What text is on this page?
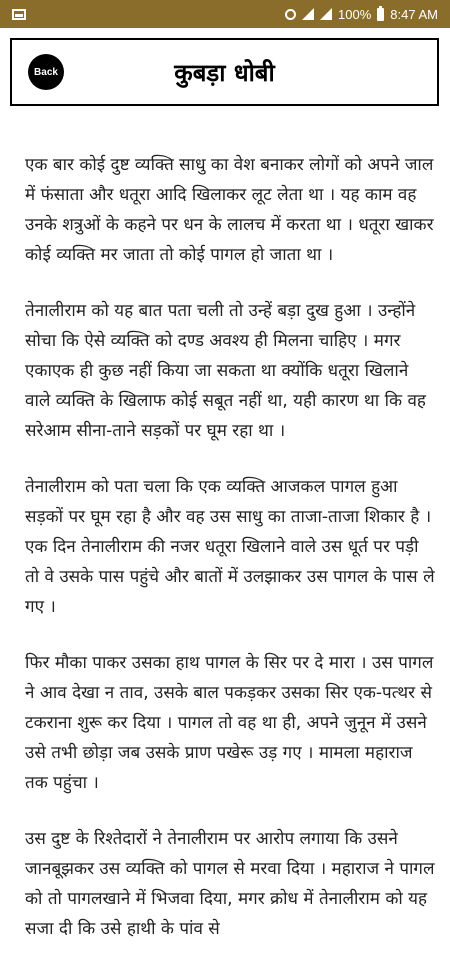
100% 8:47 AM
Back	कुबड़ा धोबी

एक बार कोई दुष्ट व्यक्ति साधु का वेश बनाकर लोगों को अपने जाल में फंसाता और धतूरा आदि खिलाकर लूट लेता था । यह काम वह उनके शत्रुओं के कहने पर धन के लालच में करता था । धतूरा खाकर कोई व्यक्ति मर जाता तो कोई पागल हो जाता था ।

तेनालीराम को यह बात पता चली तो उन्हें बड़ा दुख हुआ । उन्होंने सोचा कि ऐसे व्यक्ति को दण्ड अवश्य ही मिलना चाहिए । मगर एकाएक ही कुछ नहीं किया जा सकता था क्योंकि धतूरा खिलाने वाले व्यक्ति के खिलाफ कोई सबूत नहीं था, यही कारण था कि वह सरेआम सीना-ताने सड़कों पर घूम रहा था ।

तेनालीराम को पता चला कि एक व्यक्ति आजकल पागल हुआ सड़कों पर घूम रहा है और वह उस साधु का ताजा-ताजा शिकार है । एक दिन तेनालीराम की नजर धतूरा खिलाने वाले उस धूर्त पर पड़ी तो वे उसके पास पहुंचे और बातों में उलझाकर उस पागल के पास ले गए ।

फिर मौका पाकर उसका हाथ पागल के सिर पर दे मारा । उस पागल ने आव देखा न ताव, उसके बाल पकड़कर उसका सिर एक-पत्थर से टकराना शुरू कर दिया । पागल तो वह था ही, अपने जुनून में उसने उसे तभी छोड़ा जब उसके प्राण पखेरू उड़ गए । मामला महाराज तक पहुंचा ।

उस दुष्ट के रिश्तेदारों ने तेनालीराम पर आरोप लगाया कि उसने जानबूझकर उस व्यक्ति को पागल से मरवा दिया । महाराज ने पागल को तो पागलखाने में भिजवा दिया, मगर क्रोध में तेनालीराम को यह सजा दी कि उसे हाथी के पांव से
